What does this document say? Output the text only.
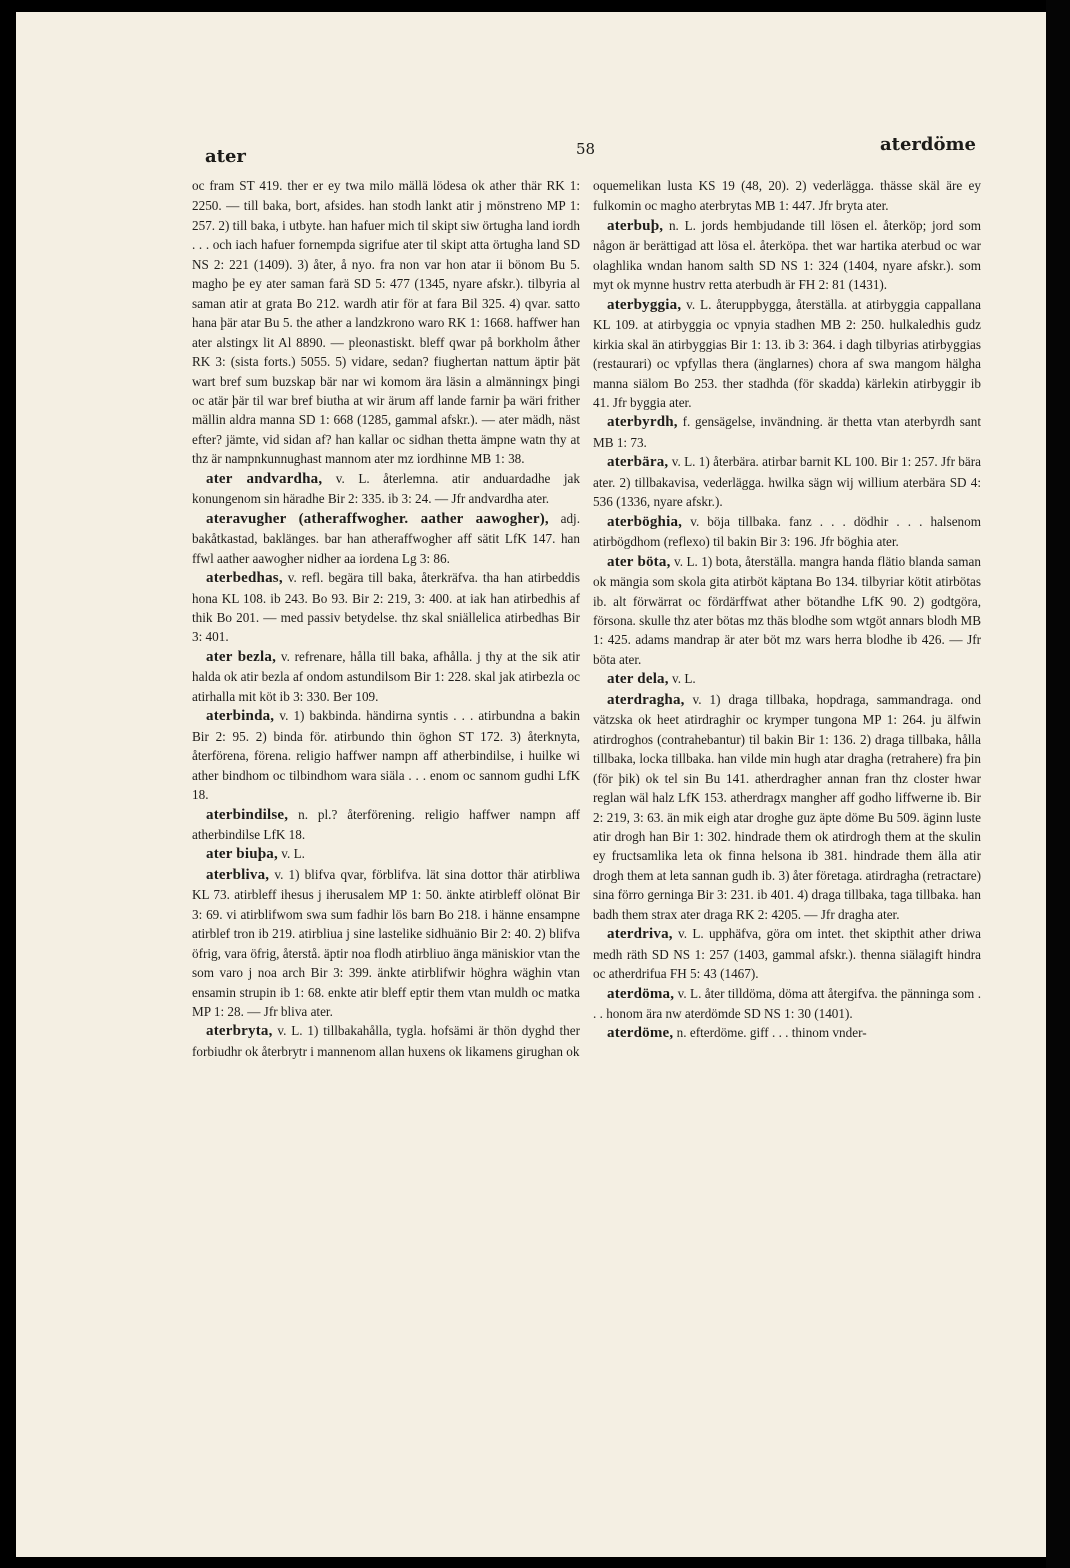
ater	58	aterdöme

oc fram ST 419. ther er ey twa milo mällä lödesa ok ather thär RK 1: 2250. — till baka, bort, afsides. han stodh lankt atir j mönstreno MP 1: 257. 2) till baka, i utbyte. han hafuer mich til skipt siw örtugha land iordh . . . och iach hafuer fornempda sigrifue ater til skipt atta örtugha land SD NS 2: 221 (1409). 3) åter, å nyo. fra non var hon atar ii bönom Bu 5. magho þe ey ater saman farä SD 5: 477 (1345, nyare afskr.). tilbyria al saman atir at grata Bo 212. wardh atir för at fara Bil 325. 4) qvar. satto hana þär atar Bu 5. the ather a landzkrono waro RK 1: 1668. haffwer han ater alstingx lit Al 8890. — pleonastiskt. bleff qwar på borkholm åther RK 3: (sista forts.) 5055. 5) vidare, sedan? fiughertan nattum äptir þät wart bref sum buzskap bär nar wi komom ära läsin a almänningx þingi oc atär þär til war bref biutha at wir ärum aff lande farnir þa wäri frither mällin aldra manna SD 1: 668 (1285, gammal afskr.). — ater mädh, näst efter? jämte, vid sidan af? han kallar oc sidhan thetta ämpne watn thy at thz är nampnkunnughast mannom ater mz iordhinne MB 1: 38.

ater andvardha, v. L. återlemna. atir anduardadhe jak konungenom sin häradhe Bir 2: 335. ib 3: 24. — Jfr andvardha ater.

ateravugher (atheraffwogher. aather aawogher), adj. bakåtkastad, baklänges. bar han atheraffwogher aff sätit LfK 147. han ffwl aather aawogher nidher aa iordena Lg 3: 86.

aterbedhas, v. refl. begära till baka, återkräfva. tha han atirbeddis hona KL 108. ib 243. Bo 93. Bir 2: 219, 3: 400. at iak han atirbedhis af thik Bo 201. — med passiv betydelse. thz skal sniällelica atirbedhas Bir 3: 401.

ater bezla, v. refrenare, hålla till baka, afhålla. j thy at the sik atir halda ok atir bezla af ondom astundilsom Bir 1: 228. skal jak atirbezla oc atirhalla mit köt ib 3: 330. Ber 109.

aterbinda, v. 1) bakbinda. händirna syntis . . . atirbundna a bakin Bir 2: 95. 2) binda för. atirbundo thin öghon ST 172. 3) återknyta, återförena, förena. religio haffwer nampn aff atherbindilse, i huilke wi ather bindhom oc tilbindhom wara siäla . . . enom oc sannom gudhi LfK 18.

aterbindilse, n. pl.? återförening. religio haffwer nampn aff atherbindilse LfK 18.

ater biuþa, v. L.

aterbliva, v. 1) blifva qvar, förblifva. lät sina dottor thär atirbliwa KL 73. atirbleff ihesus j iherusalem MP 1: 50. änkte atirbleff olönat Bir 3: 69. vi atirblifwom swa sum fadhir lös barn Bo 218. i hänne ensampne atirblef tron ib 219. atirbliua j sine lastelike sidhuänio Bir 2: 40. 2) blifva öfrig, vara öfrig, återstå. äptir noa flodh atirbliuo änga mäniskior vtan the som varo j noa arch Bir 3: 399. änkte atirblifwir höghra wäghin vtan ensamin strupin ib 1: 68. enkte atir bleff eptir them vtan muldh oc matka MP 1: 28. — Jfr bliva ater.

aterbryta, v. L. 1) tillbakahålla, tygla. hofsämi är thön dyghd ther forbiudhr ok återbrytr i mannenom allan huxens ok likamens girughan ok

oquemelikan lusta KS 19 (48, 20). 2) vederlägga. thässe skäl äre ey fulkomin oc magho aterbrytas MB 1: 447. Jfr bryta ater.

aterbuþ, n. L. jords hembjudande till lösen el. återköp; jord som någon är berättigad att lösa el. återköpa. thet war hartika aterbud oc war olaghlika wndan hanom salth SD NS 1: 324 (1404, nyare afskr.). som myt ok mynne hustrv retta aterbudh är FH 2: 81 (1431).

aterbyggia, v. L. återuppbygga, återställa. at atirbyggia cappallana KL 109. at atirbyggia oc vpnyia stadhen MB 2: 250. hulkaledhis gudz kirkia skal än atirbyggias Bir 1: 13. ib 3: 364. i dagh tilbyrias atirbyggias (restaurari) oc vpfyllas thera (änglarnes) chora af swa mangom hälgha manna siälom Bo 253. ther stadhda (för skadda) kärlekin atirbyggir ib 41. Jfr byggia ater.

aterbyrdh, f. gensägelse, invändning. är thetta vtan aterbyrdh sant MB 1: 73.

aterbära, v. L. 1) återbära. atirbar barnit KL 100. Bir 1: 257. Jfr bära ater. 2) tillbakavisa, vederlägga. hwilka sägn wij willium aterbära SD 4: 536 (1336, nyare afskr.).

aterböghia, v. böja tillbaka. fanz . . . dödhir . . . halsenom atirbögdhom (reflexo) til bakin Bir 3: 196. Jfr böghia ater.

ater böta, v. L. 1) bota, återställa. mangra handa flätio blanda saman ok mängia som skola gita atirböt käptana Bo 134. tilbyriar kötit atirbötas ib. alt förwärrat oc fördärffwat ather bötandhe LfK 90. 2) godtgöra, försona. skulle thz ater bötas mz thäs blodhe som wtgöt annars blodh MB 1: 425. adams mandrap är ater böt mz wars herra blodhe ib 426. — Jfr böta ater.

ater dela, v. L.

aterdragha, v. 1) draga tillbaka, hopdraga, sammandraga. ond vätzska ok heet atirdraghir oc krymper tungona MP 1: 264. ju älfwin atirdroghos (contrahebantur) til bakin Bir 1: 136. 2) draga tillbaka, hålla tillbaka, locka tillbaka. han vilde min hugh atar dragha (retrahere) fra þin (för þik) ok tel sin Bu 141. atherdragher annan fran thz closter hwar reglan wäl halz LfK 153. atherdragx mangher aff godho liffwerne ib. Bir 2: 219, 3: 63. än mik eigh atar droghe guz äpte döme Bu 509. äginn luste atir drogh han Bir 1: 302. hindrade them ok atirdrogh them at the skulin ey fructsamlika leta ok finna helsona ib 381. hindrade them älla atir drogh them at leta sannan gudh ib. 3) åter företaga. atirdragha (retractare) sina förro gerninga Bir 3: 231. ib 401. 4) draga tillbaka, taga tillbaka. han badh them strax ater draga RK 2: 4205. — Jfr dragha ater.

aterdriva, v. L. upphäfva, göra om intet. thet skipthit ather driwa medh räth SD NS 1: 257 (1403, gammal afskr.). thenna siälagift hindra oc atherdrifua FH 5: 43 (1467).

aterdöma, v. L. åter tilldöma, döma att återgifva. the pänninga som . . . honom ära nw aterdömde SD NS 1: 30 (1401).

aterdöme, n. efterdöme. giff . . . thinom vnder-
